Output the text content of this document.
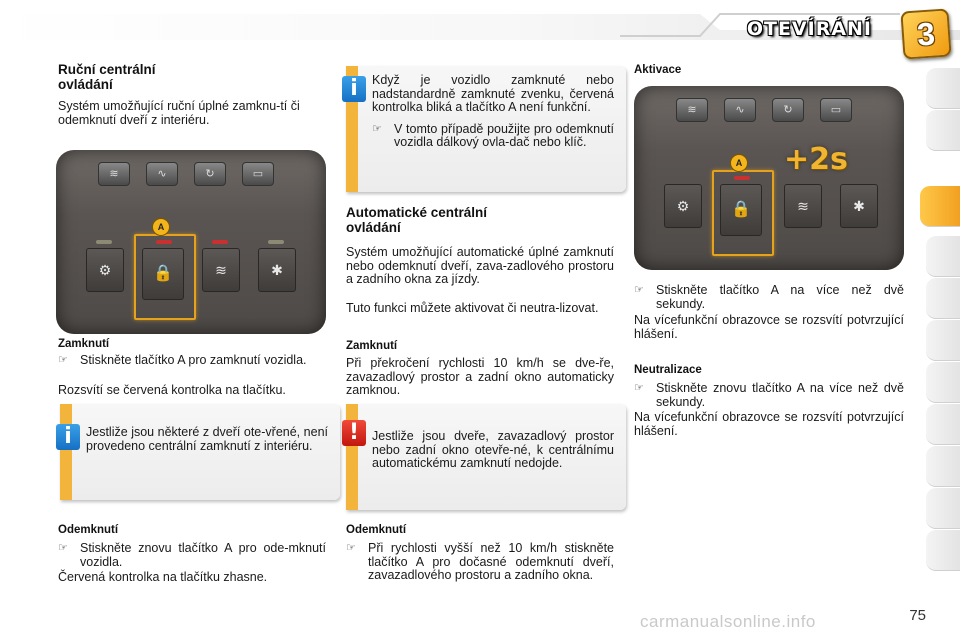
OTEVÍRÁNÍ	3
Ruční centrální
ovládání

Systém umožňující ruční úplné zamknu-tí či odemknutí dveří z interiéru.

≋	∿	↻	▭
⚙
A
🔒	≋	✱
Zamknutí
☞ Stiskněte tlačítko A pro zamknutí vozidla.

Rozsvítí se červená kontrolka na tlačítku.

Jestliže jsou některé z dveří ote-vřené, není provedeno centrální zamknutí z interiéru.

i
Odemknutí
☞ Stiskněte znovu tlačítko A pro ode-mknutí vozidla.

Červená kontrolka na tlačítku zhasne.

Když je vozidlo zamknuté nebo nadstandardně zamknuté zvenku, červená kontrolka bliká a tlačítko A není funkční.

☞ V tomto případě použijte pro odemknutí vozidla dálkový ovla-dač nebo klíč.
i
Automatické centrální
ovládání

Systém umožňující automatické úplné zamknutí nebo odemknutí dveří, zava-zadlového prostoru a zadního okna za jízdy.

Tuto funkci můžete aktivovat či neutra-lizovat.

Zamknutí

Při překročení rychlosti 10 km/h se dve-ře, zavazadlový prostor a zadní okno automaticky zamknou.

Jestliže jsou dveře, zavazadlový prostor nebo zadní okno otevře-né, k centrálnímu automatickému zamknutí nedojde.

!
Odemknutí
☞ Při rychlosti vyšší než 10 km/h stiskněte tlačítko A pro dočasné odemknutí dveří, zavazadlového prostoru a zadního okna.
Aktivace
≋	∿	↻	▭
⚙
A
🔒	≋	✱
+2s
☞ Stiskněte tlačítko A na více než dvě sekundy.

Na vícefunkční obrazovce se rozsvítí potvrzující hlášení.

Neutralizace
☞ Stiskněte znovu tlačítko A na více než dvě sekundy.

Na vícefunkční obrazovce se rozsvítí potvrzující hlášení.

75
carmanualsonline.info
